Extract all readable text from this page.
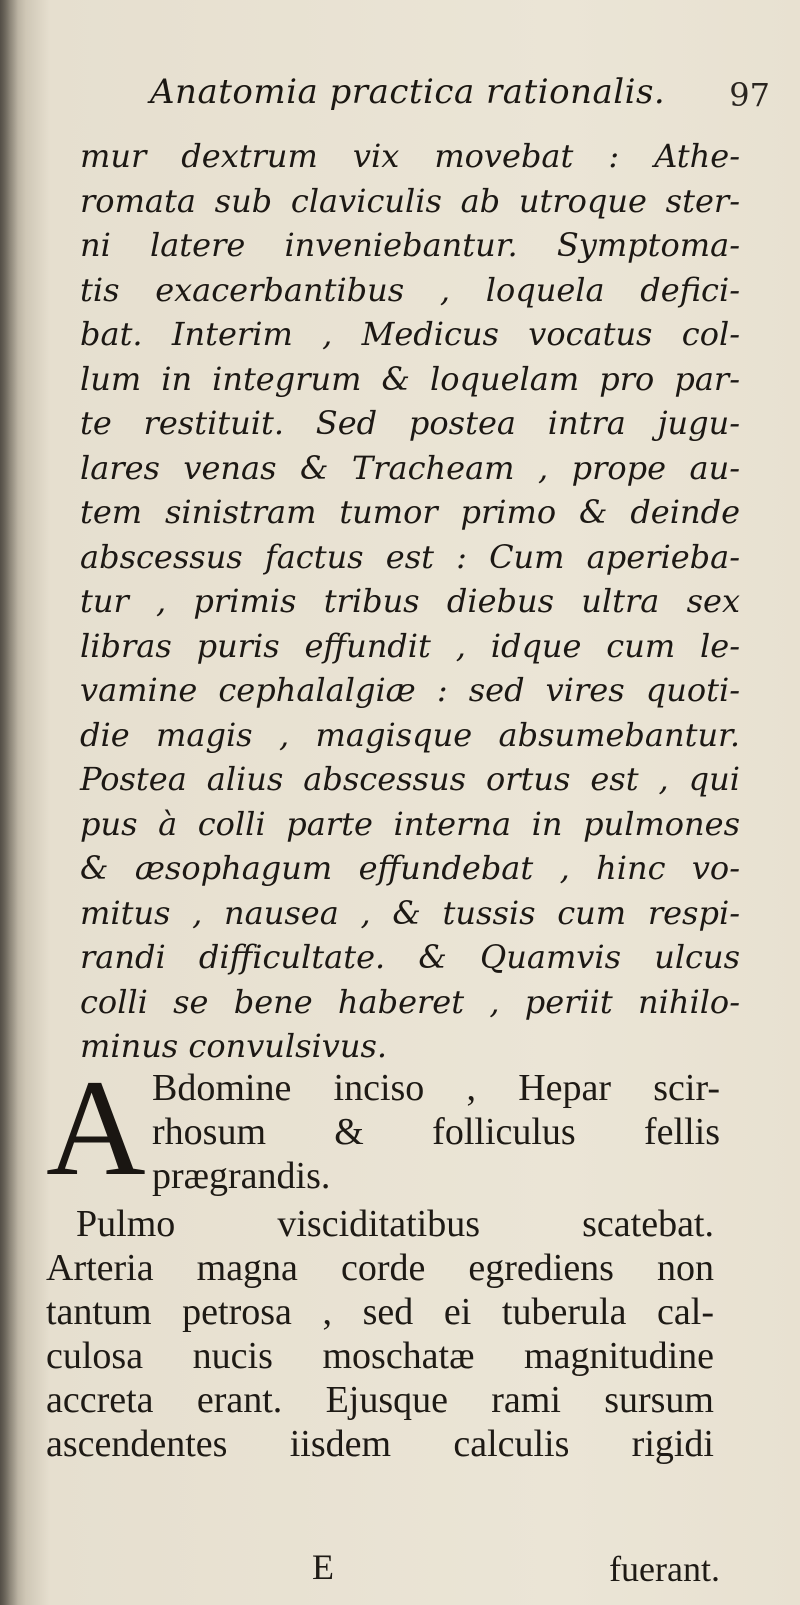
Anatomia practica rationalis. 97
mur dextrum vix movebat : Athe-
romata sub claviculis ab utroque ster-
ni latere inveniebantur. Symptoma-
tis exacerbantibus , loquela defici-
bat. Interim , Medicus vocatus col-
lum in integrum & loquelam pro par-
te restituit. Sed postea intra jugu-
lares venas & Tracheam , prope au-
tem sinistram tumor primo & deinde
abscessus factus est : Cum aperieba-
tur , primis tribus diebus ultra sex
libras puris effundit , idque cum le-
vamine cephalalgiæ : sed vires quoti-
die magis , magisque absumebantur.
Postea alius abscessus ortus est , qui
pus à colli parte interna in pulmones
& æsophagum effundebat , hinc vo-
mitus , nausea , & tussis cum respi-
randi difficultate. & Quamvis ulcus
colli se bene haberet , periit nihilo-
minus convulsivus.
A Bdomine inciso , Hepar scir-
rhosum & folliculus fellis
prægrandis.
Pulmo visciditatibus scatebat.
Arteria magna corde egrediens non
tantum petrosa , sed ei tuberula cal-
culosa nucis moschatæ magnitudine
accreta erant. Ejusque rami sursum
ascendentes iisdem calculis rigidi
E	fuerant.
